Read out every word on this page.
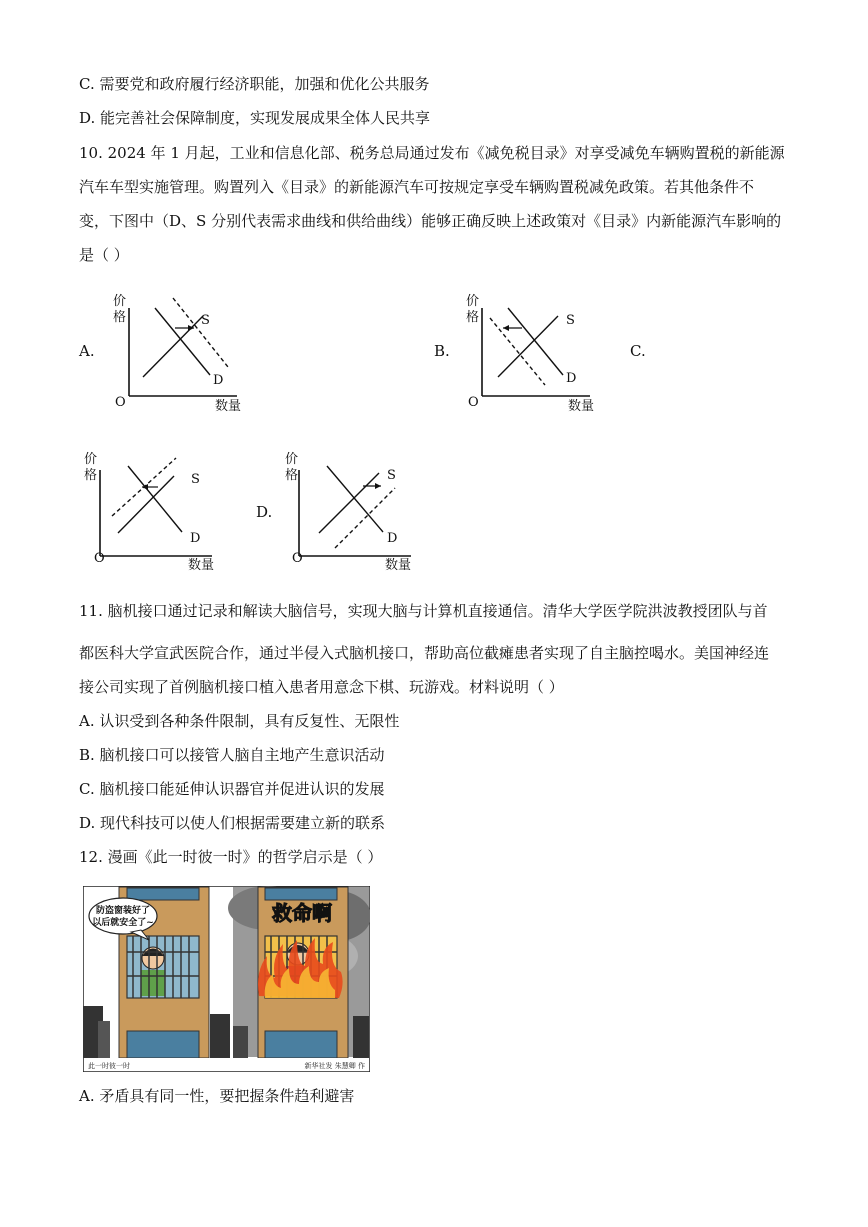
C. 需要党和政府履行经济职能，加强和优化公共服务
D. 能完善社会保障制度，实现发展成果全体人民共享
10. 2024 年 1 月起，工业和信息化部、税务总局通过发布《减免税目录》对享受减免车辆购置税的新能源
汽车车型实施管理。购置列入《目录》的新能源汽车可按规定享受车辆购置税减免政策。若其他条件不
变，下图中（D、S 分别代表需求曲线和供给曲线）能够正确反映上述政策对《目录》内新能源汽车影响的
是（ ）
A.
价
格
数量
O
S
D
B.
价
格
数量
O
S
D
C.
价
格
数量
O
S
D
D.
价
格
数量
O
S
D
11. 脑机接口通过记录和解读大脑信号，实现大脑与计算机直接通信。清华大学医学院洪波教授团队与首
都医科大学宣武医院合作，通过半侵入式脑机接口，帮助高位截瘫患者实现了自主脑控喝水。美国神经连
接公司实现了首例脑机接口植入患者用意念下棋、玩游戏。材料说明（ ）
A. 认识受到各种条件限制，具有反复性、无限性
B. 脑机接口可以接管人脑自主地产生意识活动
C. 脑机接口能延伸认识器官并促进认识的发展
D. 现代科技可以使人们根据需要建立新的联系
12. 漫画《此一时彼一时》的哲学启示是（ ）
防盗窗装好了
以后就安全了~	救命啊
此一时彼一时	新华社发 朱慧卿 作
A. 矛盾具有同一性，要把握条件趋利避害
